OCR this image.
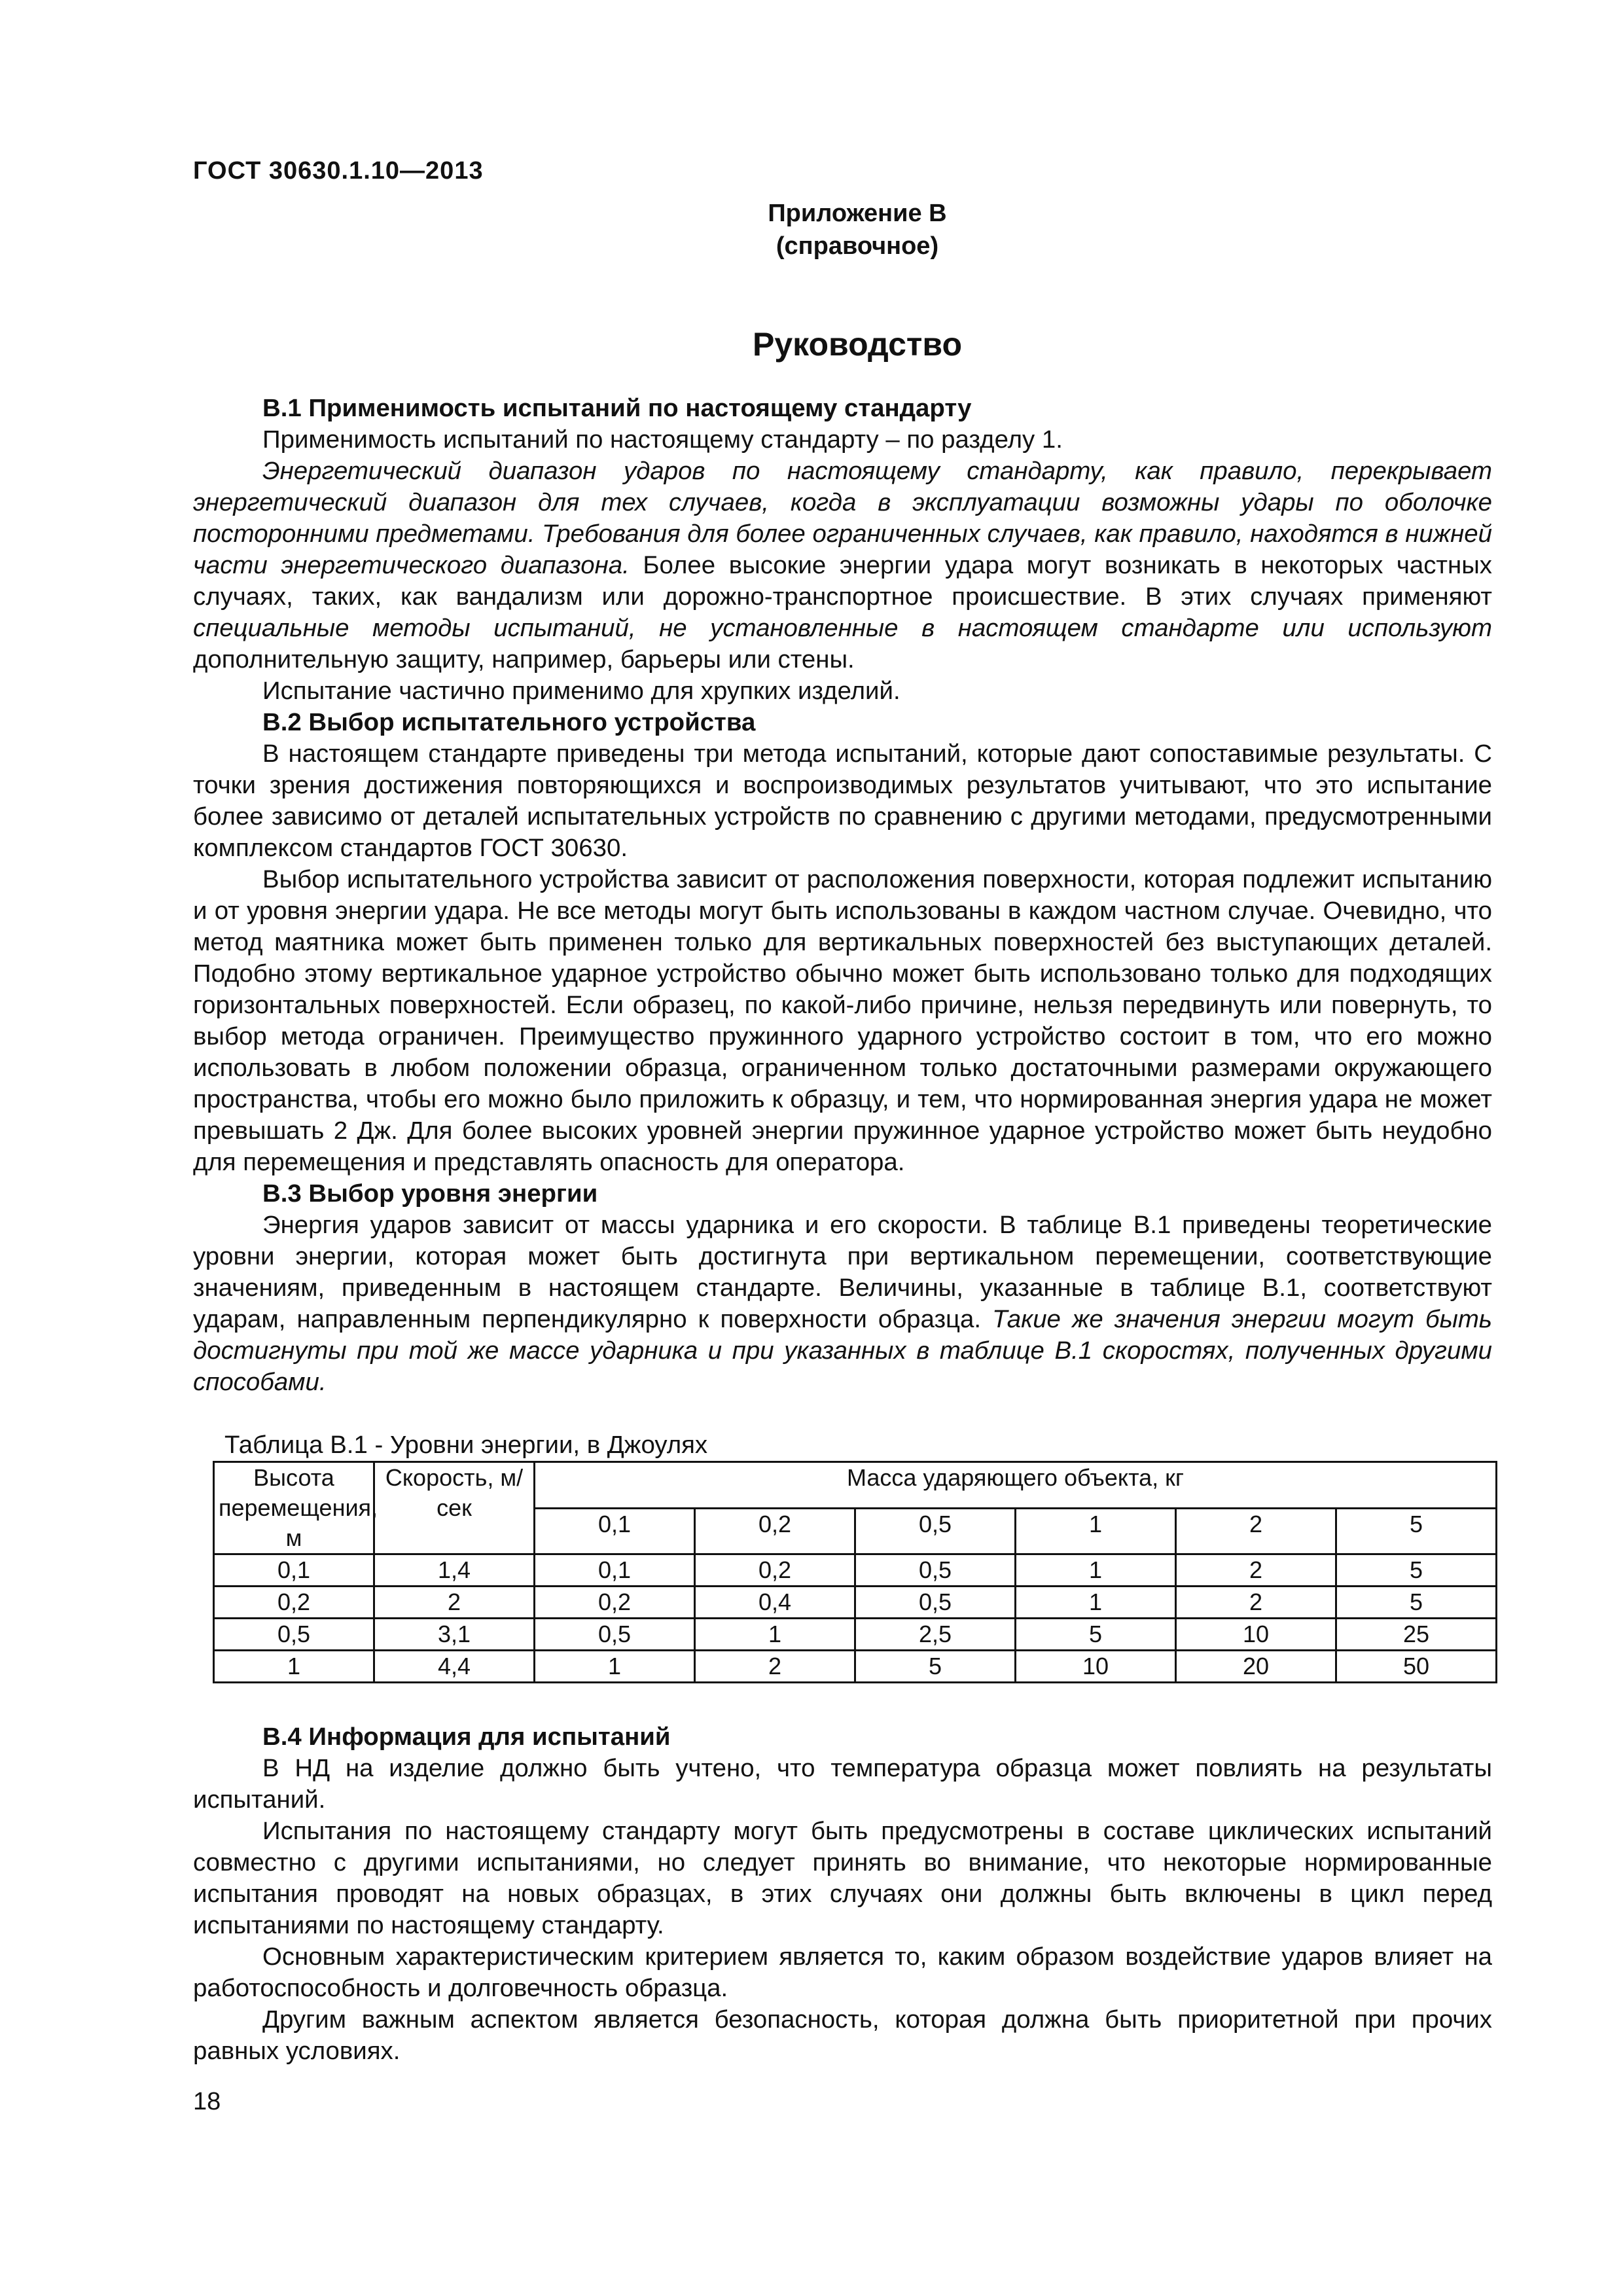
ГОСТ 30630.1.10—2013
Приложение В
(справочное)
Руководство
В.1 Применимость испытаний по настоящему стандарту

Применимость испытаний по настоящему стандарту – по разделу 1.

Энергетический диапазон ударов по настоящему стандарту, как правило, перекрывает энергетический диапазон для тех случаев, когда в эксплуатации возможны удары по оболочке посторонними предметами. Требования для более ограниченных случаев, как правило, находятся в нижней части энергетического диапазона. Более высокие энергии удара могут возникать в некоторых частных случаях, таких, как вандализм или дорожно-транспортное происшествие. В этих случаях применяют специальные методы испытаний, не установленные в настоящем стандарте или используют дополнительную защиту, например, барьеры или стены.

Испытание частично применимо для хрупких изделий.

В.2 Выбор испытательного устройства

В настоящем стандарте приведены три метода испытаний, которые дают сопоставимые результаты. С точки зрения достижения повторяющихся и воспроизводимых результатов учитывают, что это испытание более зависимо от деталей испытательных устройств по сравнению с другими методами, предусмотренными комплексом стандартов ГОСТ 30630.

Выбор испытательного устройства зависит от расположения поверхности, которая подлежит испытанию и от уровня энергии удара. Не все методы могут быть использованы в каждом частном случае. Очевидно, что метод маятника может быть применен только для вертикальных поверхностей без выступающих деталей. Подобно этому вертикальное ударное устройство обычно может быть использовано только для подходящих горизонтальных поверхностей. Если образец, по какой-либо причине, нельзя передвинуть или повернуть, то выбор метода ограничен. Преимущество пружинного ударного устройство состоит в том, что его можно использовать в любом положении образца, ограниченном только достаточными размерами окружающего пространства, чтобы его можно было приложить к образцу, и тем, что нормированная энергия удара не может превышать 2 Дж. Для более высоких уровней энергии пружинное ударное устройство может быть неудобно для перемещения и представлять опасность для оператора.

В.3 Выбор уровня энергии

Энергия ударов зависит от массы ударника и его скорости. В таблице В.1 приведены теоретические уровни энергии, которая может быть достигнута при вертикальном перемещении, соответствующие значениям, приведенным в настоящем стандарте. Величины, указанные в таблице В.1, соответствуют ударам, направленным перпендикулярно к поверхности образца. Такие же значения энергии могут быть достигнуты при той же массе ударника и при указанных в таблице В.1 скоростях, полученных другими способами.

Таблица В.1 - Уровни энергии, в Джоулях
Высота перемещения, м	Скорость, м/сек	Масса ударяющего объекта, кг					
		0,1	0,2	0,5	1	2	5
0,1	1,4	0,1	0,2	0,5	1	2	5
0,2	2	0,2	0,4	0,5	1	2	5
0,5	3,1	0,5	1	2,5	5	10	25
1	4,4	1	2	5	10	20	50
В.4 Информация для испытаний

В НД на изделие должно быть учтено, что температура образца может повлиять на результаты испытаний.

Испытания по настоящему стандарту могут быть предусмотрены в составе циклических испытаний совместно с другими испытаниями, но следует принять во внимание, что некоторые нормированные испытания проводят на новых образцах, в этих случаях они должны быть включены в цикл перед испытаниями по настоящему стандарту.

Основным характеристическим критерием является то, каким образом воздействие ударов влияет на работоспособность и долговечность образца.

Другим важным аспектом является безопасность, которая должна быть приоритетной при прочих равных условиях.

18
